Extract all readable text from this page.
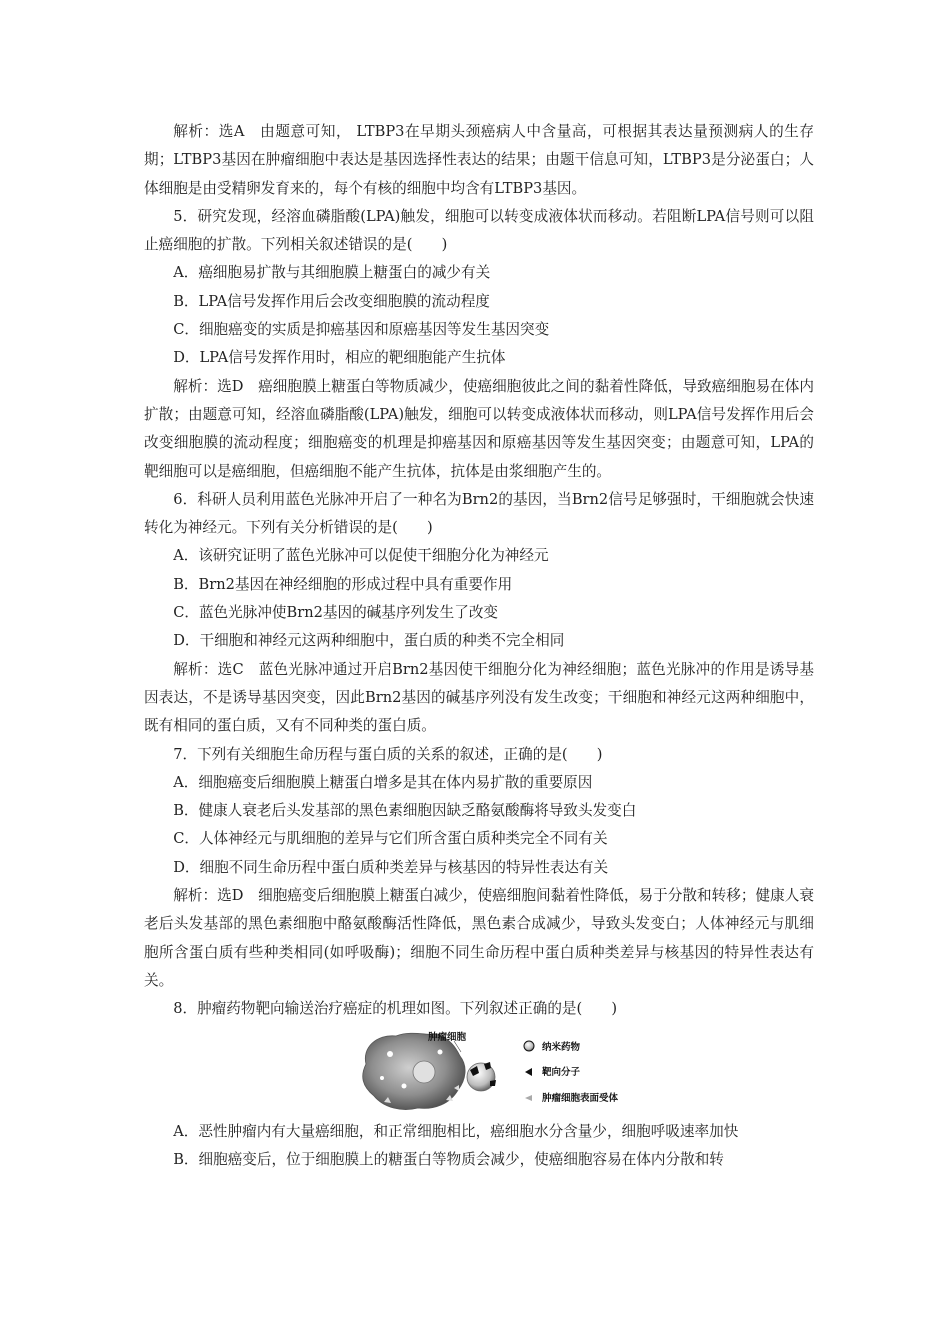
解析：选A　由题意可知， LTBP3在早期头颈癌病人中含量高，可根据其表达量预测病人的生存期；LTBP3基因在肿瘤细胞中表达是基因选择性表达的结果；由题干信息可知，LTBP3是分泌蛋白；人体细胞是由受精卵发育来的，每个有核的细胞中均含有LTBP3基因。

5．研究发现，经溶血磷脂酸(LPA)触发，细胞可以转变成液体状而移动。若阻断LPA信号则可以阻止癌细胞的扩散。下列相关叙述错误的是(　　)

A．癌细胞易扩散与其细胞膜上糖蛋白的减少有关

B．LPA信号发挥作用后会改变细胞膜的流动程度

C．细胞癌变的实质是抑癌基因和原癌基因等发生基因突变

D．LPA信号发挥作用时，相应的靶细胞能产生抗体

解析：选D　癌细胞膜上糖蛋白等物质减少，使癌细胞彼此之间的黏着性降低，导致癌细胞易在体内扩散；由题意可知，经溶血磷脂酸(LPA)触发，细胞可以转变成液体状而移动，则LPA信号发挥作用后会改变细胞膜的流动程度；细胞癌变的机理是抑癌基因和原癌基因等发生基因突变；由题意可知，LPA的靶细胞可以是癌细胞，但癌细胞不能产生抗体，抗体是由浆细胞产生的。

6．科研人员利用蓝色光脉冲开启了一种名为Brn2的基因，当Brn2信号足够强时，干细胞就会快速转化为神经元。下列有关分析错误的是(　　)

A．该研究证明了蓝色光脉冲可以促使干细胞分化为神经元

B．Brn2基因在神经细胞的形成过程中具有重要作用

C．蓝色光脉冲使Brn2基因的碱基序列发生了改变

D．干细胞和神经元这两种细胞中，蛋白质的种类不完全相同

解析：选C　蓝色光脉冲通过开启Brn2基因使干细胞分化为神经细胞；蓝色光脉冲的作用是诱导基因表达，不是诱导基因突变，因此Brn2基因的碱基序列没有发生改变；干细胞和神经元这两种细胞中，既有相同的蛋白质，又有不同种类的蛋白质。

7．下列有关细胞生命历程与蛋白质的关系的叙述，正确的是(　　)

A．细胞癌变后细胞膜上糖蛋白增多是其在体内易扩散的重要原因

B．健康人衰老后头发基部的黑色素细胞因缺乏酪氨酸酶将导致头发变白

C．人体神经元与肌细胞的差异与它们所含蛋白质种类完全不同有关

D．细胞不同生命历程中蛋白质种类差异与核基因的特异性表达有关

解析：选D　细胞癌变后细胞膜上糖蛋白减少，使癌细胞间黏着性降低，易于分散和转移；健康人衰老后头发基部的黑色素细胞中酪氨酸酶活性降低，黑色素合成减少，导致头发变白；人体神经元与肌细胞所含蛋白质有些种类相同(如呼吸酶)；细胞不同生命历程中蛋白质种类差异与核基因的特异性表达有关。

8．肿瘤药物靶向输送治疗癌症的机理如图。下列叙述正确的是(　　)

肿瘤细胞
纳米药物
靶向分子
肿瘤细胞表面受体

A．恶性肿瘤内有大量癌细胞，和正常细胞相比，癌细胞水分含量少，细胞呼吸速率加快

B．细胞癌变后，位于细胞膜上的糖蛋白等物质会减少，使癌细胞容易在体内分散和转
